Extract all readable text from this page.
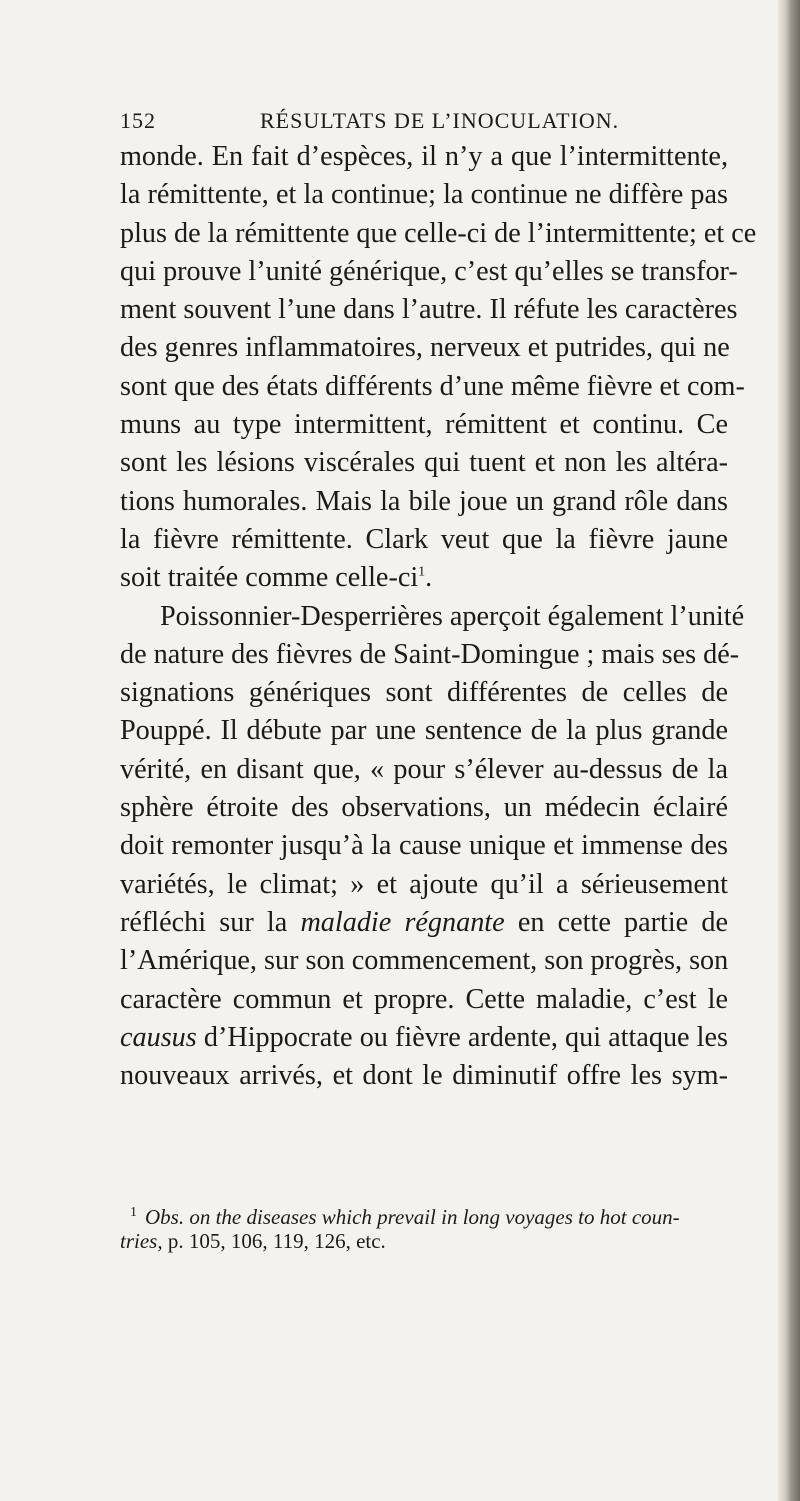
152	RÉSULTATS DE L’INOCULATION.
monde. En fait d’espèces, il n’y a que l’intermittente,
la rémittente, et la continue; la continue ne diffère pas
plus de la rémittente que celle-ci de l’intermittente; et ce
qui prouve l’unité générique, c’est qu’elles se transfor-
ment souvent l’une dans l’autre. Il réfute les caractères
des genres inflammatoires, nerveux et putrides, qui ne
sont que des états différents d’une même fièvre et com-
muns au type intermittent, rémittent et continu. Ce
sont les lésions viscérales qui tuent et non les altéra-
tions humorales. Mais la bile joue un grand rôle dans
la fièvre rémittente. Clark veut que la fièvre jaune
soit traitée comme celle-$ci^1$.
Poissonnier-Desperrières aperçoit également l’unité
de nature des fièvres de Saint-Domingue ; mais ses dé-
signations génériques sont différentes de celles de
Pouppé. Il débute par une sentence de la plus grande
vérité, en disant que, « pour s’élever au-dessus de la
sphère étroite des observations, un médecin éclairé
doit remonter jusqu’à la cause unique et immense des
variétés, le climat; » et ajoute qu’il a sérieusement
réfléchi sur la maladie régnante en cette partie de
l’Amérique, sur son commencement, son progrès, son
caractère commun et propre. Cette maladie, c’est le
causus d’Hippocrate ou fièvre ardente, qui attaque les
nouveaux arrivés, et dont le diminutif offre les sym-
$^1$ Obs. on the diseases which prevail in long voyages to hot coun-
tries, p. 105, 106, 119, 126, etc.
